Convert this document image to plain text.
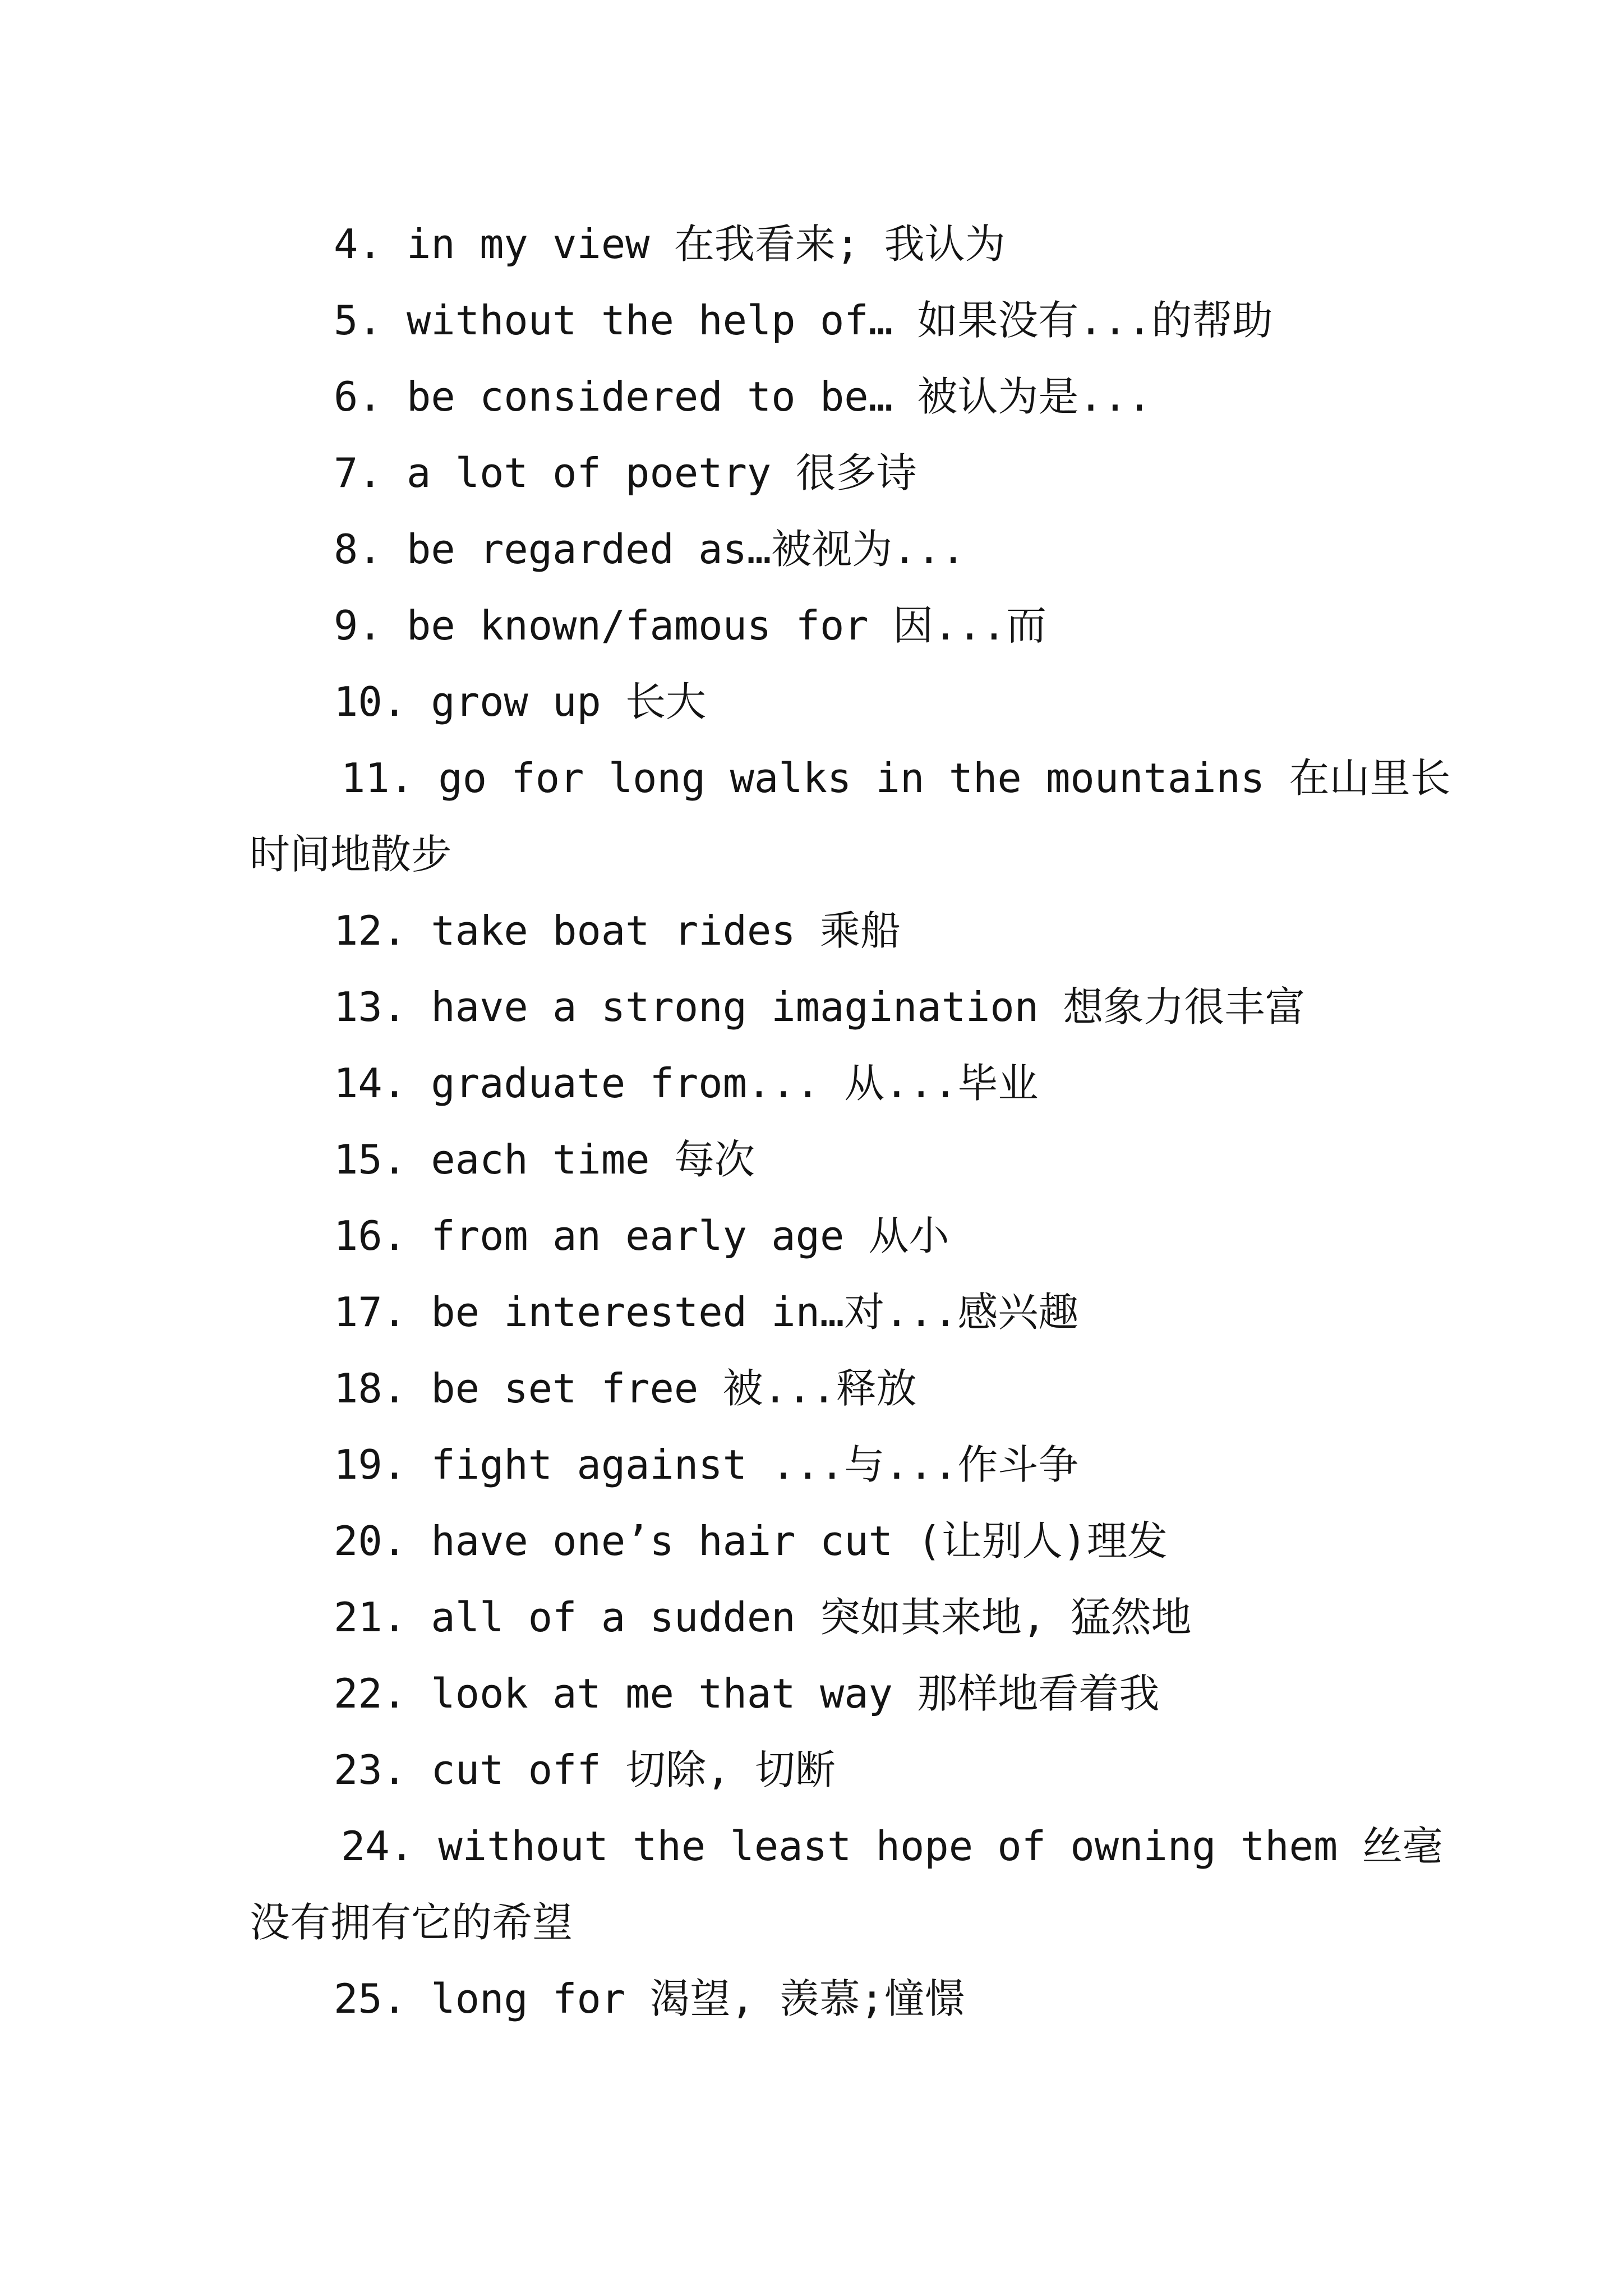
4. in my view 在我看来; 我认为
5. without the help of… 如果没有...的帮助
6. be considered to be… 被认为是...
7. a lot of poetry 很多诗
8. be regarded as…被视为...
9. be known/famous for 因...而
10. grow up 长大
11. go for long walks in the mountains 在山里长
时间地散步
12. take boat rides 乘船
13. have a strong imagination 想象力很丰富
14. graduate from... 从...毕业
15. each time 每次
16. from an early age 从小
17. be interested in…对...感兴趣
18. be set free 被...释放
19. fight against ...与...作斗争
20. have one’s hair cut (让别人)理发
21. all of a sudden 突如其来地, 猛然地
22. look at me that way 那样地看着我
23. cut off 切除, 切断
24. without the least hope of owning them 丝毫
没有拥有它的希望
25. long for 渴望, 羡慕;憧憬
